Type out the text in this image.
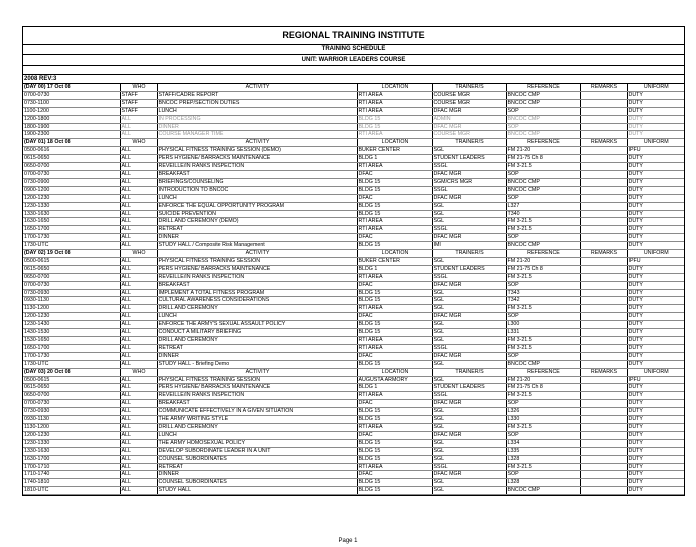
REGIONAL TRAINING INSTITUTE
TRAINING SCHEDULE
UNIT: WARRIOR LEADERS COURSE
2008 REV:3
(DAY 00) 17 Oct 08	WHO	ACTIVITY	LOCATION	TRAINER/S	REFERENCE	REMARKS	UNIFORM
0700-0730	STAFF	STAFF/CADRE REPORT	RTI AREA	COURSE MGR	BNCOC CMP		DUTY
0730-1100	STAFF	BNCOC PREP/SECTION DUTIES	RTI AREA	COURSE MGR	BNCOC CMP		DUTY
1100-1200	STAFF	LUNCH	RTI AREA	DFAC MGR	SOP		DUTY
1200-1800	ALL	IN PROCESSING	BLDG 15	ADMIN	BNCOC CMP		DUTY
1800-1900	ALL	DINNER	BLDG 15	DFAC MGR	SOP		DUTY
1900-2300	ALL	COURSE MANAGER TIME	RTI AREA	COURSE MGR	BNCOC CMP		DUTY
(DAY 01) 18 Oct 08	WHO	ACTIVITY	LOCATION	TRAINER/S	REFERENCE	REMARKS	UNIFORM
0500-0616	ALL	PHYSICAL FITNESS TRAINING SESSION (DEMO)	BUKER CENTER	SGL	FM 21-20		IPFU
0615-0650	ALL	PERS HYGIENE/ BARRACKS MAINTENANCE	BLDG 1	STUDENT LEADERS	FM 21-75 Ch 8		DUTY
0650-0700	ALL	REVEILLE/IN RANKS INSPECTION	RTI AREA	SSGL	FM 3-21.5		DUTY
0700-0730	ALL	BREAKFAST	DFAC	DFAC MGR	SOP		DUTY
0730-0900	ALL	BRIEFINGS/COUNSELING	BLDG 15	SGM/CRS MGR	BNCOC CMP		DUTY
0900-1200	ALL	INTRODUCTION TO BNCOC	BLDG 15	SSGL	BNCOC CMP		DUTY
1200-1230	ALL	LUNCH	DFAC	DFAC MGR	SOP		DUTY
1230-1330	ALL	ENFORCE THE EQUAL OPPORTUNITY PROGRAM	BLDG 15	SGL	L327		DUTY
1330-1630	ALL	SUICIDE PREVENTION	BLDG 15	SGL	T340		DUTY
1630-1650	ALL	DRILL AND CEREMONY (DEMO)	RTI AREA	SGL	FM 3-21.5		DUTY
1650-1700	ALL	RETREAT	RTI AREA	SSGL	FM 3-21.5		DUTY
1700-1730	ALL	DINNER	DFAC	DFAC MGR	SOP		DUTY
1730-UTC	ALL	STUDY HALL / Composite Risk Management	BLDG 15	IMI	BNCOC CMP		DUTY
(DAY 02) 19 Oct 08	WHO	ACTIVITY	LOCATION	TRAINER/S	REFERENCE	REMARKS	UNIFORM
0500-0615	ALL	PHYSICAL FITNESS TRAINING SESSION	BUKER CENTER	SGL	FM 21-20		IPFU
0615-0650	ALL	PERS HYGIENE/ BARRACKS MAINTENANCE	BLDG 1	STUDENT LEADERS	FM 21-75 Ch 8		DUTY
0650-0700	ALL	REVEILLE/IN RANKS INSPECTION	RTI AREA	SSGL	FM 3-21.5		DUTY
0700-0730	ALL	BREAKFAST	DFAC	DFAC MGR	SOP		DUTY
0730-0930	ALL	IMPLEMENT A TOTAL FITNESS PROGRAM	BLDG 15	SGL	T343		DUTY
0930-1130	ALL	CULTURAL AWARENESS CONSIDERATIONS	BLDG 15	SGL	T342		DUTY
1130-1200	ALL	DRILL AND CEREMONY	RTI AREA	SGL	FM 3-21.5		DUTY
1200-1230	ALL	LUNCH	DFAC	DFAC MGR	SOP		DUTY
1230-1430	ALL	ENFORCE THE ARMY'S SEXUAL ASSAULT POLICY	BLDG 15	SGL	L300		DUTY
1430-1530	ALL	CONDUCT A MILITARY BRIEFING	BLDG 15	SGL	L331		DUTY
1530-1650	ALL	DRILL AND CEREMONY	RTI AREA	SGL	FM 3-21.5		DUTY
1650-1700	ALL	RETREAT	RTI AREA	SSGL	FM 3-21.5		DUTY
1700-1730	ALL	DINNER	DFAC	DFAC MGR	SOP		DUTY
1730-UTC	ALL	STUDY HALL - Briefing Demo	BLDG 15	SGL	BNCOC CMP		DUTY
(DAY 03) 20 Oct 08	WHO	ACTIVITY	LOCATION	TRAINER/S	REFERENCE	REMARKS	UNIFORM
0500-0615	ALL	PHYSICAL FITNESS TRAINING SESSION	AUGUSTA ARMORY	SGL	FM 21-20		IPFU
0615-0650	ALL	PERS HYGIENE/ BARRACKS MAINTENANCE	BLDG 1	STUDENT LEADERS	FM 21-75 Ch 8		DUTY
0650-0700	ALL	REVEILLE/IN RANKS INSPECTION	RTI AREA	SSGL	FM 3-21.5		DUTY
0700-0730	ALL	BREAKFAST	DFAC	DFAC MGR	SOP		DUTY
0730-0930	ALL	COMMUNICATE EFFECTIVELY IN A GIVEN SITUATION	BLDG 15	SGL	L326		DUTY
0930-1130	ALL	THE ARMY WRITING STYLE	BLDG 15	SGL	L330		DUTY
1130-1200	ALL	DRILL AND CEREMONY	RTI AREA	SGL	FM 3-21.5		DUTY
1200-1230	ALL	LUNCH	DFAC	DFAC MGR	SOP		DUTY
1230-1330	ALL	THE ARMY HOMOSEXUAL POLICY	BLDG 15	SGL	L334		DUTY
1330-1630	ALL	DEVELOP SUBORDINATE LEADER IN A UNIT	BLDG 15	SGL	L335		DUTY
1630-1700	ALL	COUNSEL SUBORDINATES	BLDG 15	SGL	L328		DUTY
1700-1710	ALL	RETREAT	RTI AREA	SSGL	FM 3-21.5		DUTY
1710-1740	ALL	DINNER	DFAC	DFAC MGR	SOP		DUTY
1740-1810	ALL	COUNSEL SUBORDINATES	BLDG 15	SGL	L328		DUTY
1810-UTC	ALL	STUDY HALL	BLDG 15	SGL	BNCOC CMP		DUTY
Page 1
